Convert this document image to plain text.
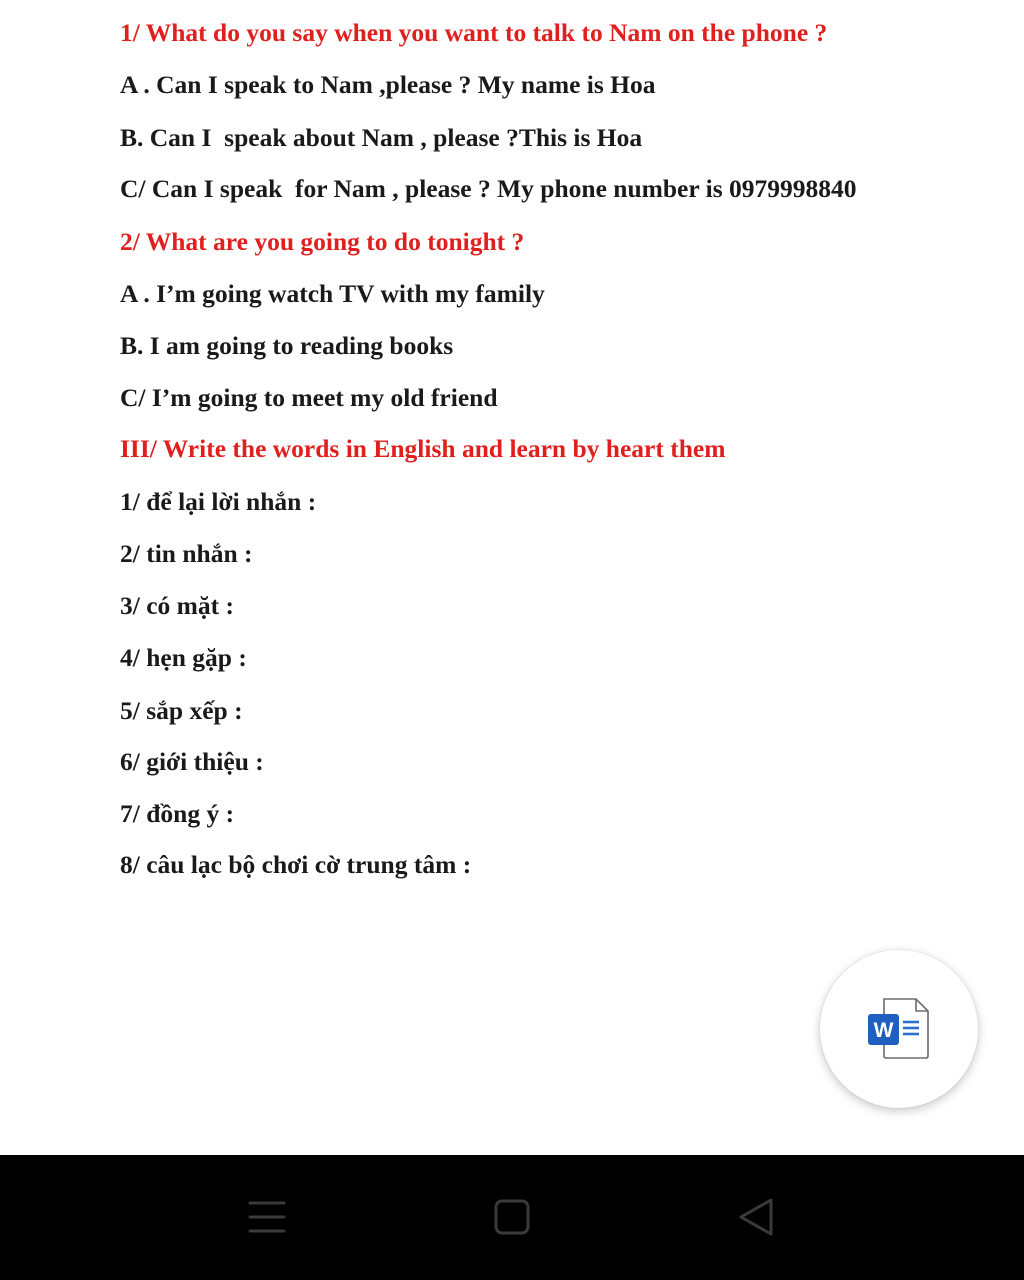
1/ What do you say when you want to talk to Nam on the phone ?
A . Can I speak to Nam ,please ? My name is Hoa
B. Can I  speak about Nam , please ?This is Hoa
C/ Can I speak  for Nam , please ? My phone number is 0979998840
2/ What are you going to do tonight ?
A . I’m going watch TV with my family
B. I am going to reading books
C/ I’m going to meet my old friend
III/ Write the words in English and learn by heart them
1/ để lại lời nhắn :
2/ tin nhắn :
3/ có mặt :
4/ hẹn gặp :
5/ sắp xếp :
6/ giới thiệu :
7/ đồng ý :
8/ câu lạc bộ chơi cờ trung tâm :
W
